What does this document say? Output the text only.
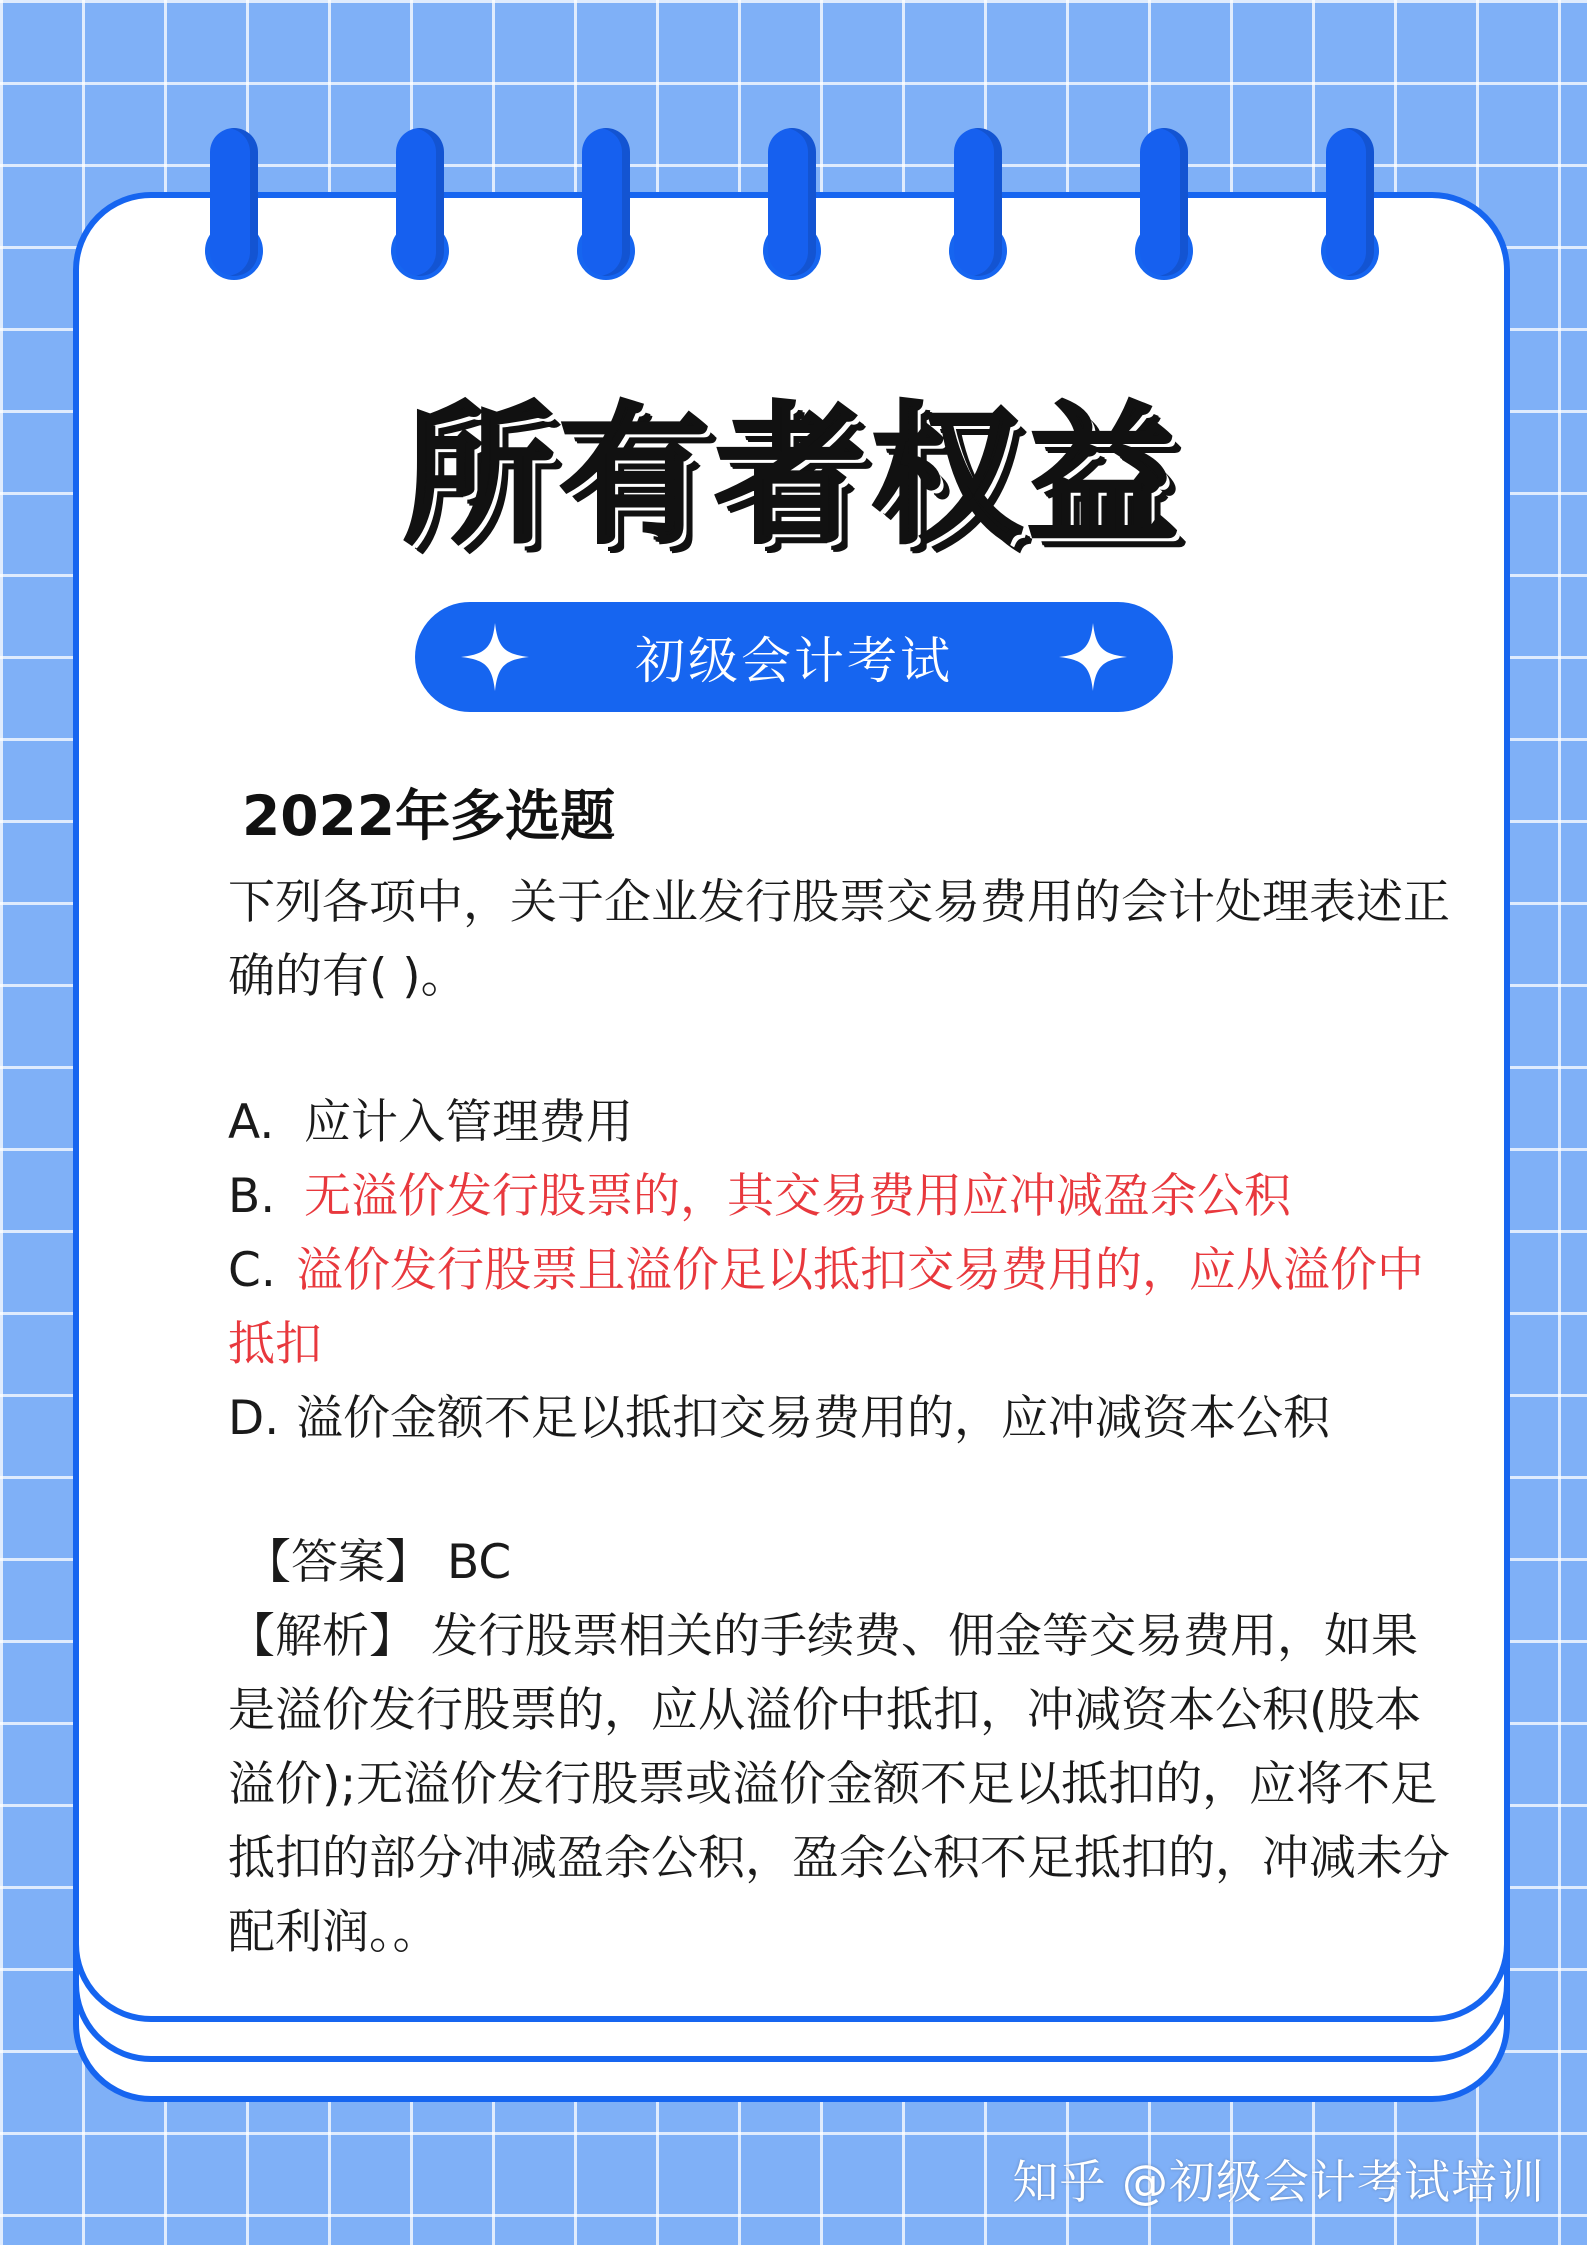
所有者权益
初级会计考试
2022年多选题
下列各项中，关于企业发行股票交易费用的会计处理表述正确的有( )。
A. 应计入管理费用
B. 无溢价发行股票的，其交易费用应冲减盈余公积
C. 溢价发行股票且溢价足以抵扣交易费用的，应从溢价中抵扣
D. 溢价金额不足以抵扣交易费用的，应冲减资本公积
【答案】 BC
【解析】 发行股票相关的手续费、佣金等交易费用，如果是溢价发行股票的，应从溢价中抵扣，冲减资本公积(股本溢价);无溢价发行股票或溢价金额不足以抵扣的，应将不足抵扣的部分冲减盈余公积，盈余公积不足抵扣的，冲减未分配利润。。
知乎 @初级会计考试培训
